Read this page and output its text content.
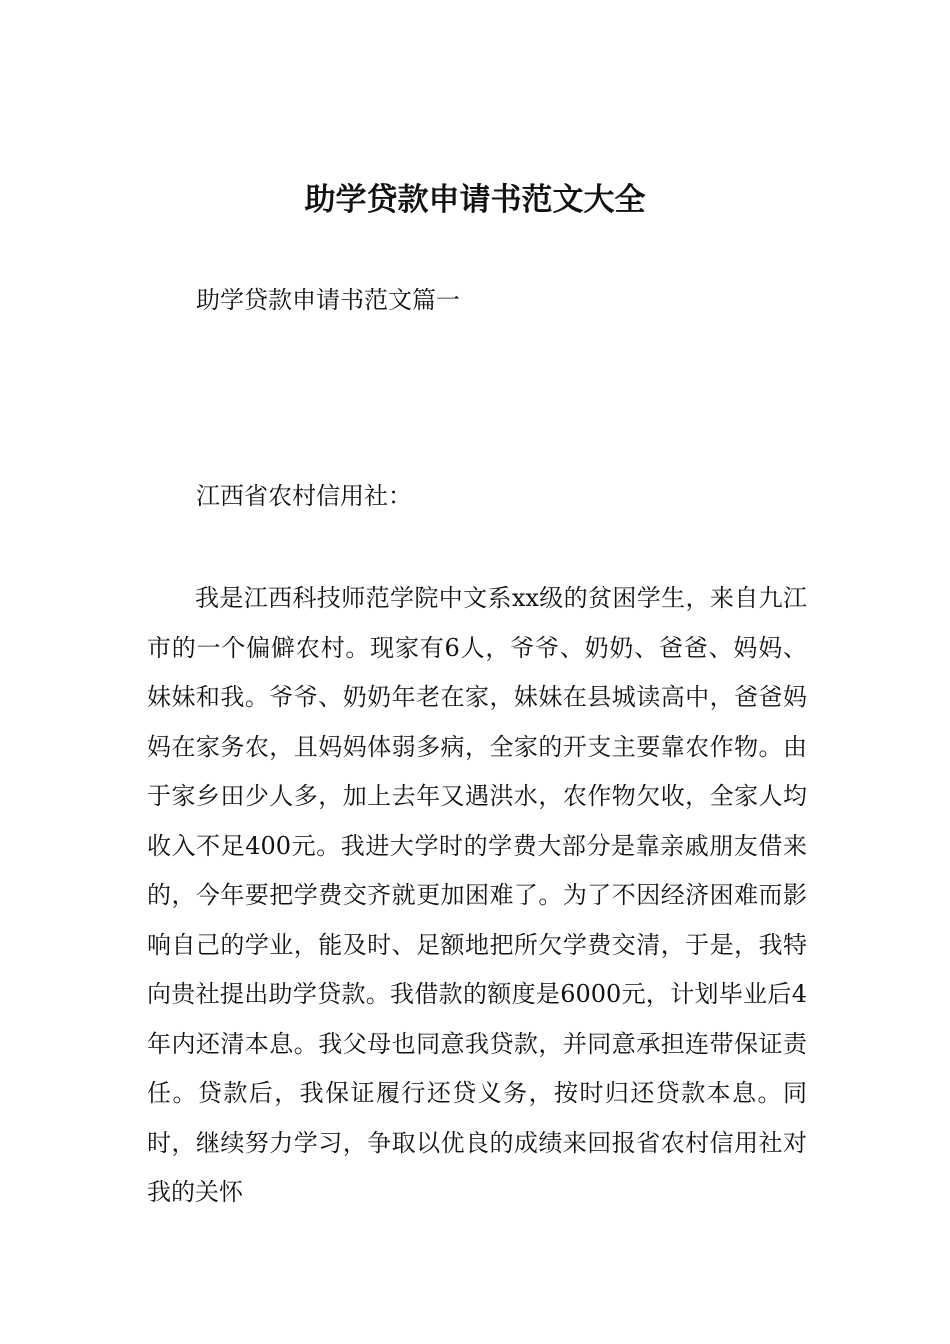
助学贷款申请书范文大全

助学贷款申请书范文篇一

江西省农村信用社：

我是江西科技师范学院中文系xx级的贫困学生，来自九江市的一个偏僻农村。现家有6人，爷爷、奶奶、爸爸、妈妈、妹妹和我。爷爷、奶奶年老在家，妹妹在县城读高中，爸爸妈妈在家务农，且妈妈体弱多病，全家的开支主要靠农作物。由于家乡田少人多，加上去年又遇洪水，农作物欠收，全家人均收入不足400元。我进大学时的学费大部分是靠亲戚朋友借来的，今年要把学费交齐就更加困难了。为了不因经济困难而影响自己的学业，能及时、足额地把所欠学费交清，于是，我特向贵社提出助学贷款。我借款的额度是6000元，计划毕业后4年内还清本息。我父母也同意我贷款，并同意承担连带保证责任。贷款后，我保证履行还贷义务，按时归还贷款本息。同时，继续努力学习，争取以优良的成绩来回报省农村信用社对我的关怀
